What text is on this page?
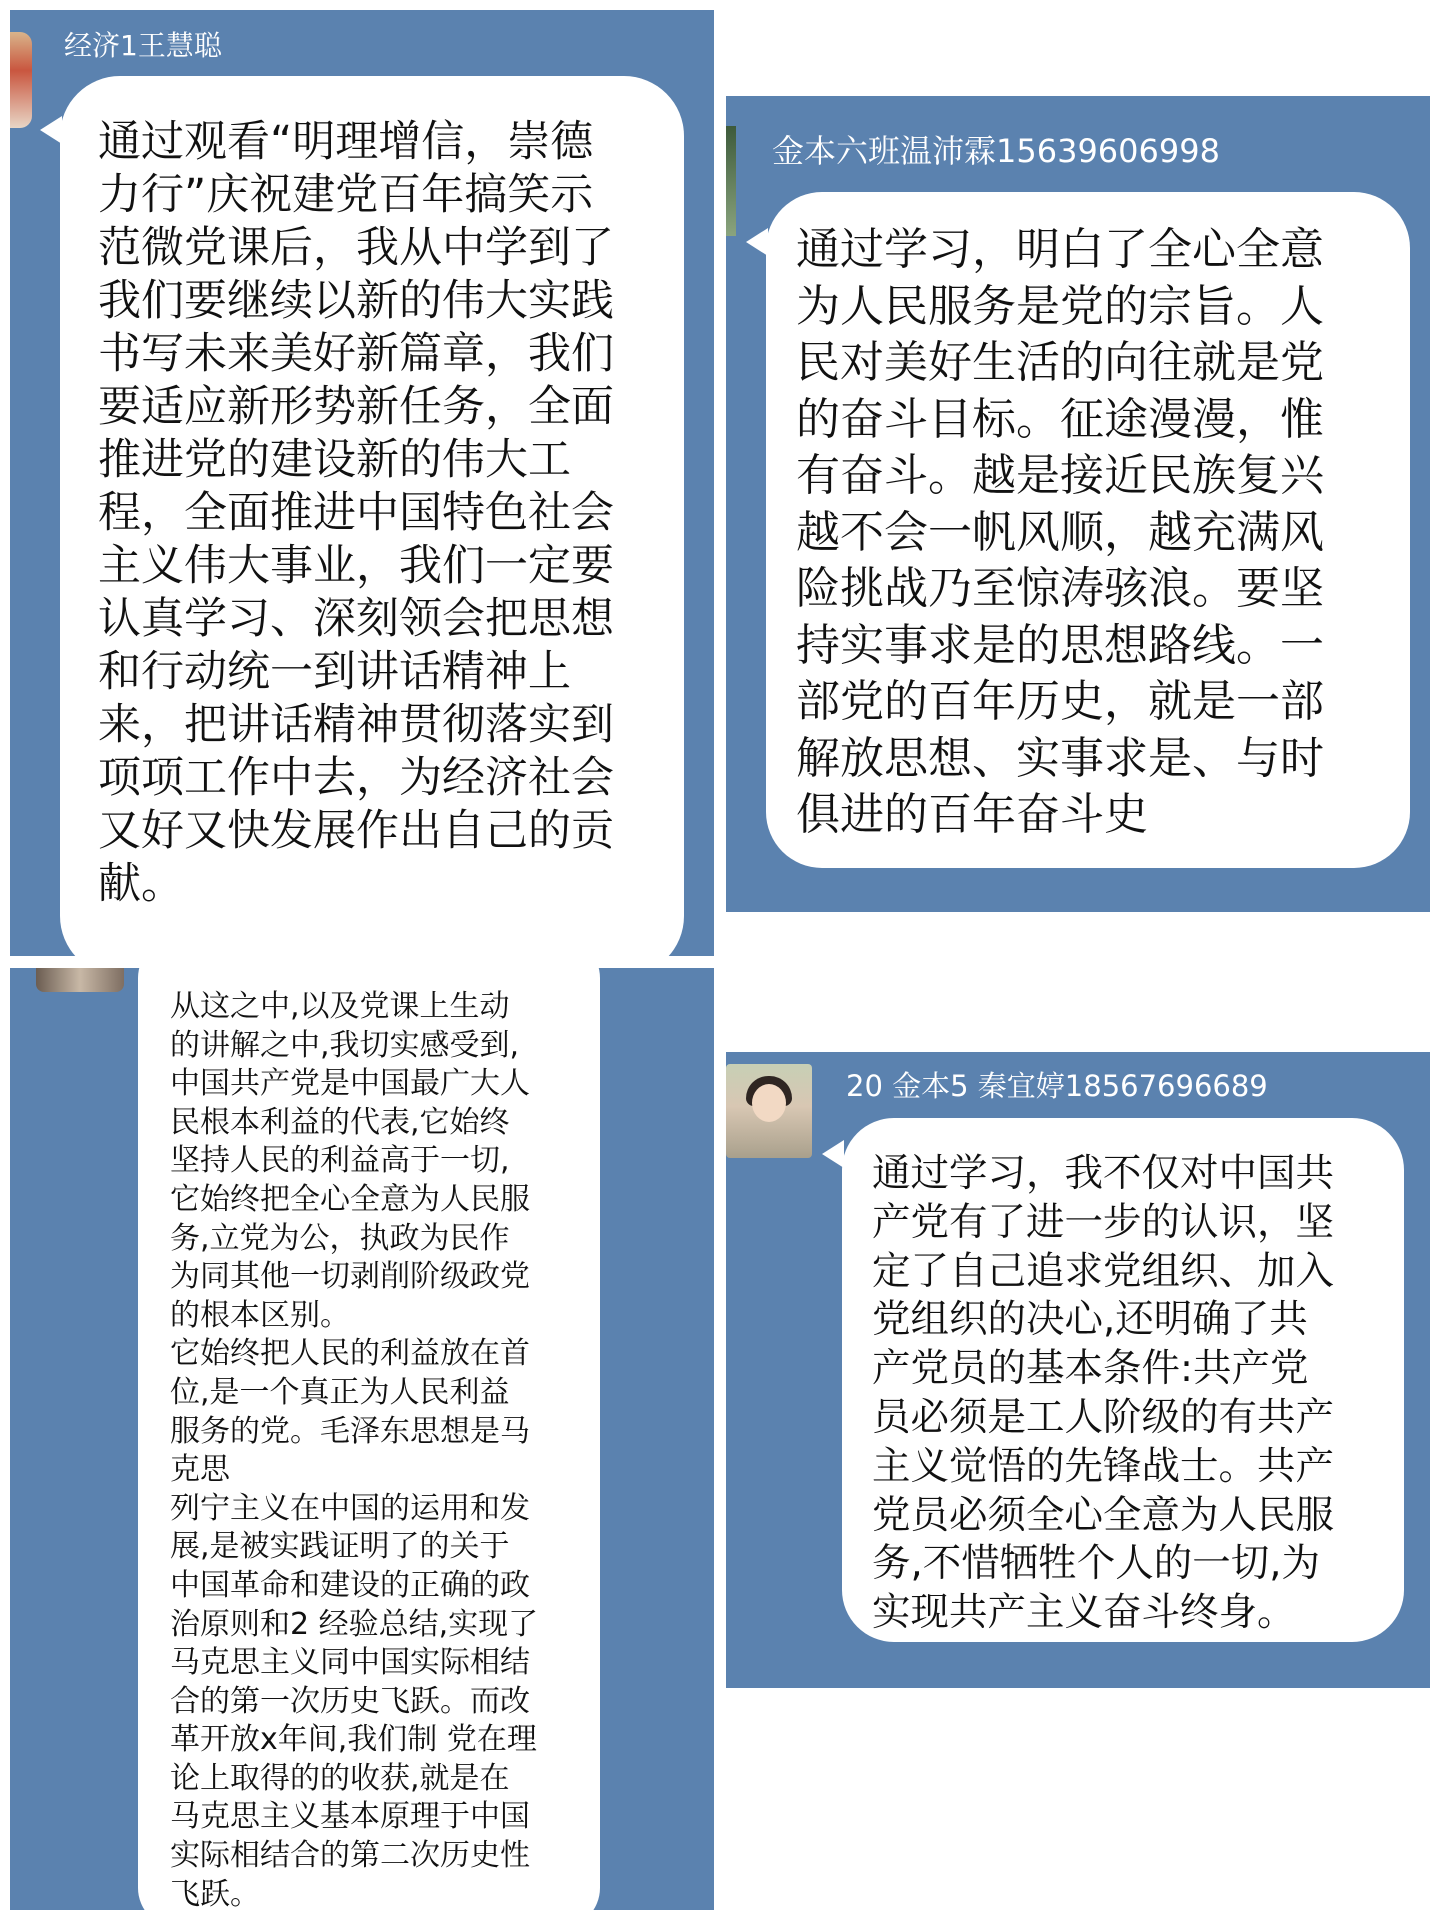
经济1王慧聪

通过观看“明理增信，崇德
力行”庆祝建党百年搞笑示
范微党课后，我从中学到了
我们要继续以新的伟大实践
书写未来美好新篇章，我们
要适应新形势新任务，全面
推进党的建设新的伟大工
程，全面推进中国特色社会
主义伟大事业，我们一定要
认真学习、深刻领会把思想
和行动统一到讲话精神上
来，把讲话精神贯彻落实到
项项工作中去，为经济社会
又好又快发展作出自己的贡
献。

金本六班温沛霖15639606998

通过学习，明白了全心全意
为人民服务是党的宗旨。人
民对美好生活的向往就是党
的奋斗目标。征途漫漫，惟
有奋斗。越是接近民族复兴
越不会一帆风顺，越充满风
险挑战乃至惊涛骇浪。要坚
持实事求是的思想路线。一
部党的百年历史，就是一部
解放思想、实事求是、与时
俱进的百年奋斗史

从这之中,以及党课上生动
的讲解之中,我切实感受到,
中国共产党是中国最广大人
民根本利益的代表,它始终
坚持人民的利益高于一切,
它始终把全心全意为人民服
务,立党为公，执政为民作
为同其他一切剥削阶级政党
的根本区别。
它始终把人民的利益放在首
位,是一个真正为人民利益
服务的党。毛泽东思想是马
克思
列宁主义在中国的运用和发
展,是被实践证明了的关于
中国革命和建设的正确的政
治原则和2 经验总结,实现了
马克思主义同中国实际相结
合的第一次历史飞跃。而改
革开放x年间,我们制 党在理
论上取得的的收获,就是在
马克思主义基本原理于中国
实际相结合的第二次历史性
飞跃。

20 金本5 秦宜婷18567696689

通过学习，我不仅对中国共
产党有了进一步的认识，坚
定了自己追求党组织、加入
党组织的决心,还明确了共
产党员的基本条件:共产党
员必须是工人阶级的有共产
主义觉悟的先锋战士。共产
党员必须全心全意为人民服
务,不惜牺牲个人的一切,为
实现共产主义奋斗终身。
